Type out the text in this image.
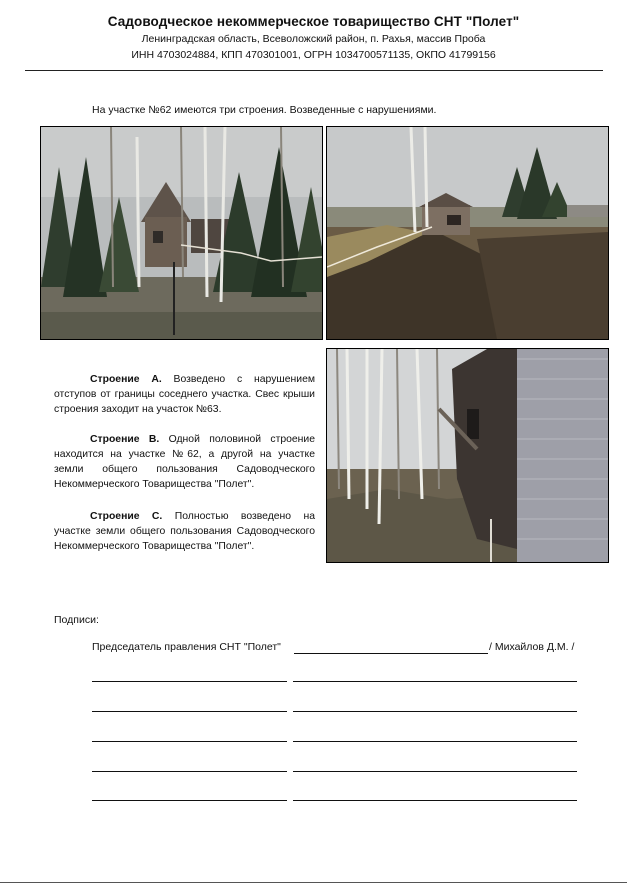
Садоводческое некоммерческое товарищество СНТ "Полет"
Ленинградская область, Всеволожский район, п. Рахья, массив Проба
ИНН 4703024884, КПП 470301001, ОГРН 1034700571135, ОКПО 41799156
На участке №62 имеются три строения. Возведенные с нарушениями.
Строение А. Возведено с нарушением отступов от границы соседнего участка. Свес крыши строения заходит на участок №63.
Строение В. Одной половиной строение находится на участке №62, а другой на участке земли общего пользования Садоводческого Некоммерческого Товарищества "Полет".
Строение С. Полностью возведено на участке земли общего пользования Садоводческого Некоммерческого Товарищества "Полет".
Подписи:
Председатель правления СНТ "Полет"	/ Михайлов Д.М. /
